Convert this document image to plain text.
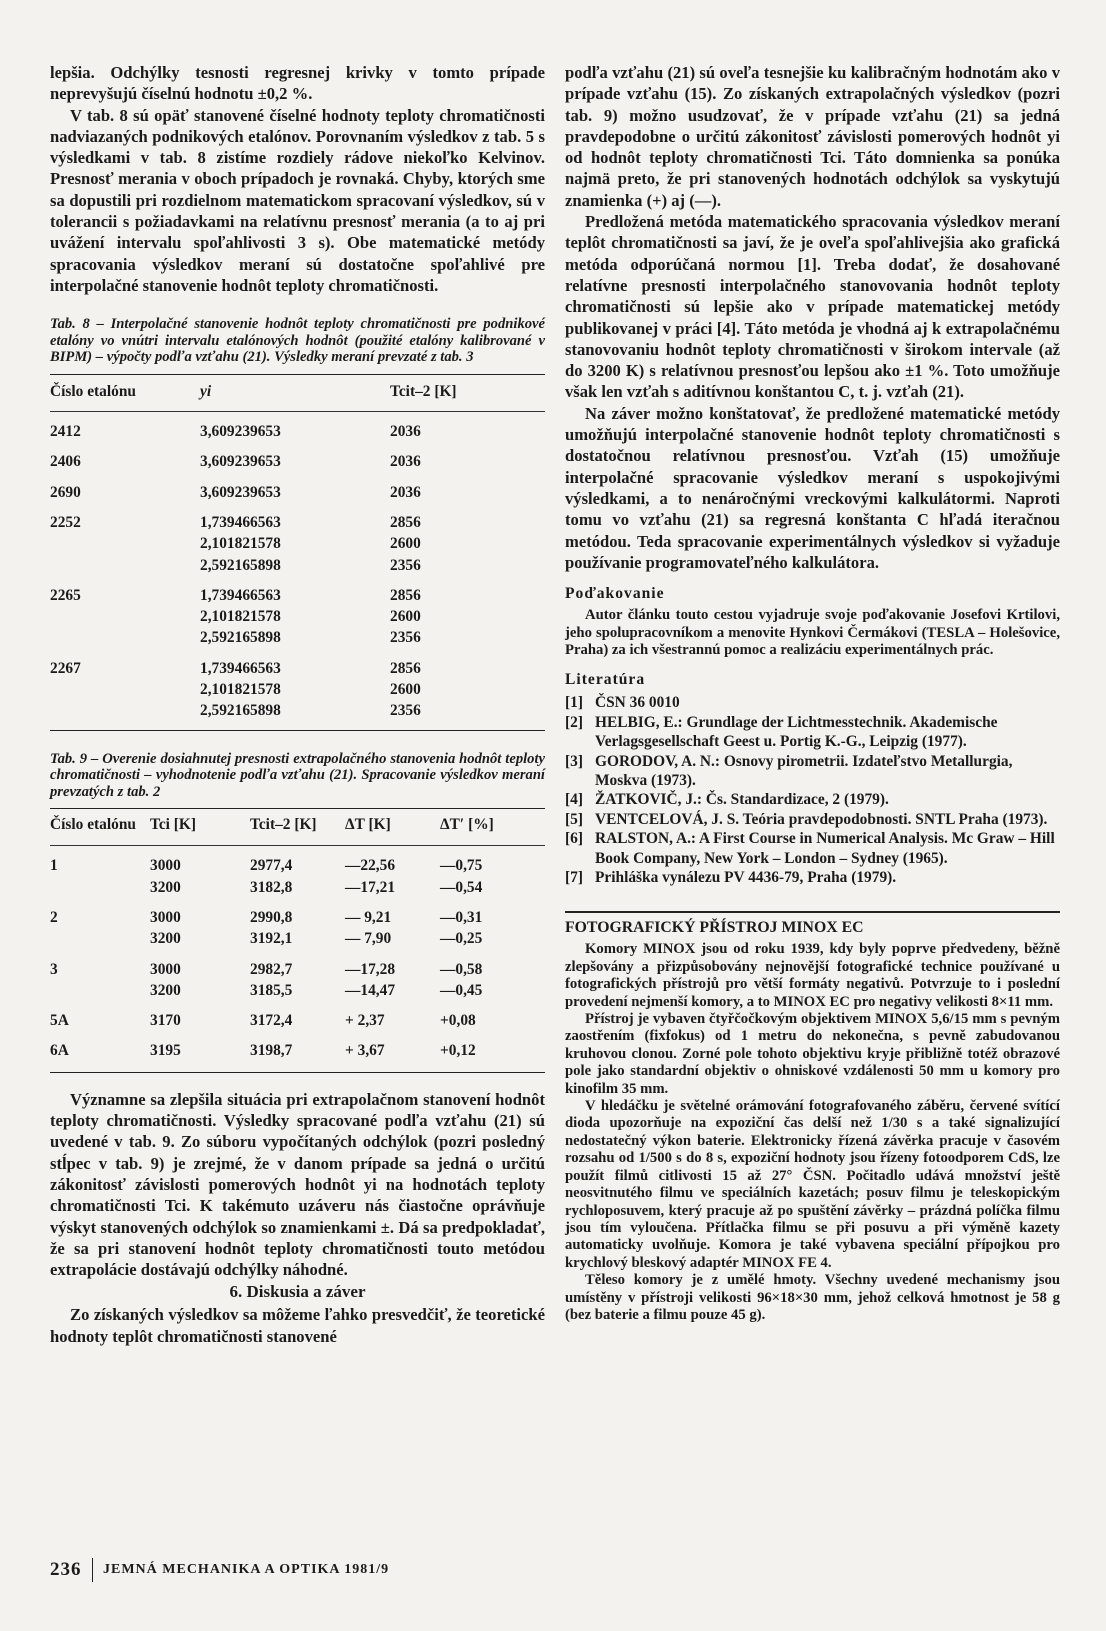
lepšia. Odchýlky tesnosti regresnej krivky v tomto prípade neprevyšujú číselnú hodnotu ±0,2 %.

V tab. 8 sú opäť stanovené číselné hodnoty teploty chromatičnosti nadviazaných podnikových etalónov. Porovnaním výsledkov z tab. 5 s výsledkami v tab. 8 zistíme rozdiely rádove niekoľko Kelvinov. Presnosť merania v oboch prípadoch je rovnaká. Chyby, ktorých sme sa dopustili pri rozdielnom matematickom spracovaní výsledkov, sú v tolerancii s požiadavkami na relatívnu presnosť merania (a to aj pri uvážení intervalu spoľahlivosti 3 s). Obe matematické metódy spracovania výsledkov meraní sú dostatočne spoľahlivé pre interpolačné stanovenie hodnôt teploty chromatičnosti.

Tab. 8 – Interpolačné stanovenie hodnôt teploty chromatičnosti pre podnikové etalóny vo vnútri intervalu etalónových hodnôt (použité etalóny kalibrované v BIPM) – výpočty podľa vzťahu (21). Výsledky meraní prevzaté z tab. 3
Číslo etalónu	yi	Tcit–2 [K]
2412	3,609239653	2036
2406	3,609239653	2036
2690	3,609239653	2036
2252	1,739466563	2856
	2,101821578	2600
	2,592165898	2356
2265	1,739466563	2856
	2,101821578	2600
	2,592165898	2356
2267	1,739466563	2856
	2,101821578	2600
	2,592165898	2356
Tab. 9 – Overenie dosiahnutej presnosti extrapolačného stanovenia hodnôt teploty chromatičnosti – vyhodnotenie podľa vzťahu (21). Spracovanie výsledkov meraní prevzatých z tab. 2
Číslo etalónu	Tci [K]	Tcit–2 [K]	ΔT [K]	ΔT′ [%]
1	3000	2977,4	—22,56	—0,75
	3200	3182,8	—17,21	—0,54
2	3000	2990,8	— 9,21	—0,31
	3200	3192,1	— 7,90	—0,25
3	3000	2982,7	—17,28	—0,58
	3200	3185,5	—14,47	—0,45
5A	3170	3172,4	+ 2,37	+0,08
6A	3195	3198,7	+ 3,67	+0,12

Významne sa zlepšila situácia pri extrapolačnom stanovení hodnôt teploty chromatičnosti. Výsledky spracované podľa vzťahu (21) sú uvedené v tab. 9. Zo súboru vypočítaných odchýlok (pozri posledný stĺpec v tab. 9) je zrejmé, že v danom prípade sa jedná o určitú zákonitosť závislosti pomerových hodnôt yi na hodnotách teploty chromatičnosti Tci. K takémuto uzáveru nás čiastočne oprávňuje výskyt stanovených odchýlok so znamienkami ±. Dá sa predpokladať, že sa pri stanovení hodnôt teploty chromatičnosti touto metódou extrapolácie dostávajú odchýlky náhodné.

6. Diskusia a záver

Zo získaných výsledkov sa môžeme ľahko presvedčiť, že teoretické hodnoty teplôt chromatičnosti stanovené

podľa vzťahu (21) sú oveľa tesnejšie ku kalibračným hodnotám ako v prípade vzťahu (15). Zo získaných extrapolačných výsledkov (pozri tab. 9) možno usudzovať, že v prípade vzťahu (21) sa jedná pravdepodobne o určitú zákonitosť závislosti pomerových hodnôt yi od hodnôt teploty chromatičnosti Tci. Táto domnienka sa ponúka najmä preto, že pri stanovených hodnotách odchýlok sa vyskytujú znamienka (+) aj (—).

Predložená metóda matematického spracovania výsledkov meraní teplôt chromatičnosti sa javí, že je oveľa spoľahlivejšia ako grafická metóda odporúčaná normou [1]. Treba dodať, že dosahované relatívne presnosti interpolačného stanovovania hodnôt teploty chromatičnosti sú lepšie ako v prípade matematickej metódy publikovanej v práci [4]. Táto metóda je vhodná aj k extrapolačnému stanovovaniu hodnôt teploty chromatičnosti v širokom intervale (až do 3200 K) s relatívnou presnosťou lepšou ako ±1 %. Toto umožňuje však len vzťah s aditívnou konštantou C, t. j. vzťah (21).

Na záver možno konštatovať, že predložené matematické metódy umožňujú interpolačné stanovenie hodnôt teploty chromatičnosti s dostatočnou relatívnou presnosťou. Vzťah (15) umožňuje interpolačné spracovanie výsledkov meraní s uspokojivými výsledkami, a to nenáročnými vreckovými kalkulátormi. Naproti tomu vo vzťahu (21) sa regresná konštanta C hľadá iteračnou metódou. Teda spracovanie experimentálnych výsledkov si vyžaduje používanie programovateľného kalkulátora.

Poďakovanie

Autor článku touto cestou vyjadruje svoje poďakovanie Josefovi Krtilovi, jeho spolupracovníkom a menovite Hynkovi Čermákovi (TESLA – Holešovice, Praha) za ich všestrannú pomoc a realizáciu experimentálnych prác.

Literatúra
[1] ČSN 36 0010
[2] HELBIG, E.: Grundlage der Lichtmesstechnik. Akademische Verlagsgesellschaft Geest u. Portig K.-G., Leipzig (1977).
[3] GORODOV, A. N.: Osnovy pirometrii. Izdateľstvo Metallurgia, Moskva (1973).
[4] ŽATKOVIČ, J.: Čs. Standardizace, 2 (1979).
[5] VENTCELOVÁ, J. S. Teória pravdepodobnosti. SNTL Praha (1973).
[6] RALSTON, A.: A First Course in Numerical Analysis. Mc Graw – Hill Book Company, New York – London – Sydney (1965).
[7] Prihláška vynálezu PV 4436-79, Praha (1979).
FOTOGRAFICKÝ PŘÍSTROJ MINOX EC

Komory MINOX jsou od roku 1939, kdy byly poprve předvedeny, běžně zlepšovány a přizpůsobovány nejnovější fotografické technice používané u fotografických přístrojů pro větší formáty negativů. Potvrzuje to i poslední provedení nejmenší komory, a to MINOX EC pro negativy velikosti 8×11 mm.

Přístroj je vybaven čtyřčočkovým objektivem MINOX 5,6/15 mm s pevným zaostřením (fixfokus) od 1 metru do nekonečna, s pevně zabudovanou kruhovou clonou. Zorné pole tohoto objektivu kryje přibližně totéž obrazové pole jako standardní objektiv o ohniskové vzdálenosti 50 mm u komory pro kinofilm 35 mm.

V hledáčku je světelné orámování fotografovaného záběru, červené svítící dioda upozorňuje na expoziční čas delší než 1/30 s a také signalizující nedostatečný výkon baterie. Elektronicky řízená závěrka pracuje v časovém rozsahu od 1/500 s do 8 s, expoziční hodnoty jsou řízeny fotoodporem CdS, lze použít filmů citlivosti 15 až 27° ČSN. Počitadlo udává množství ještě neosvitnutého filmu ve speciálních kazetách; posuv filmu je teleskopickým rychloposuvem, který pracuje až po spuštění závěrky – prázdná políčka filmu jsou tím vyloučena. Přítlačka filmu se při posuvu a při výměně kazety automaticky uvolňuje. Komora je také vybavena speciální přípojkou pro krychlový bleskový adaptér MINOX FE 4.

Těleso komory je z umělé hmoty. Všechny uvedené mechanismy jsou umístěny v přístroji velikosti 96×18×30 mm, jehož celková hmotnost je 58 g (bez baterie a filmu pouze 45 g).

236 JEMNÁ MECHANIKA A OPTIKA 1981/9
